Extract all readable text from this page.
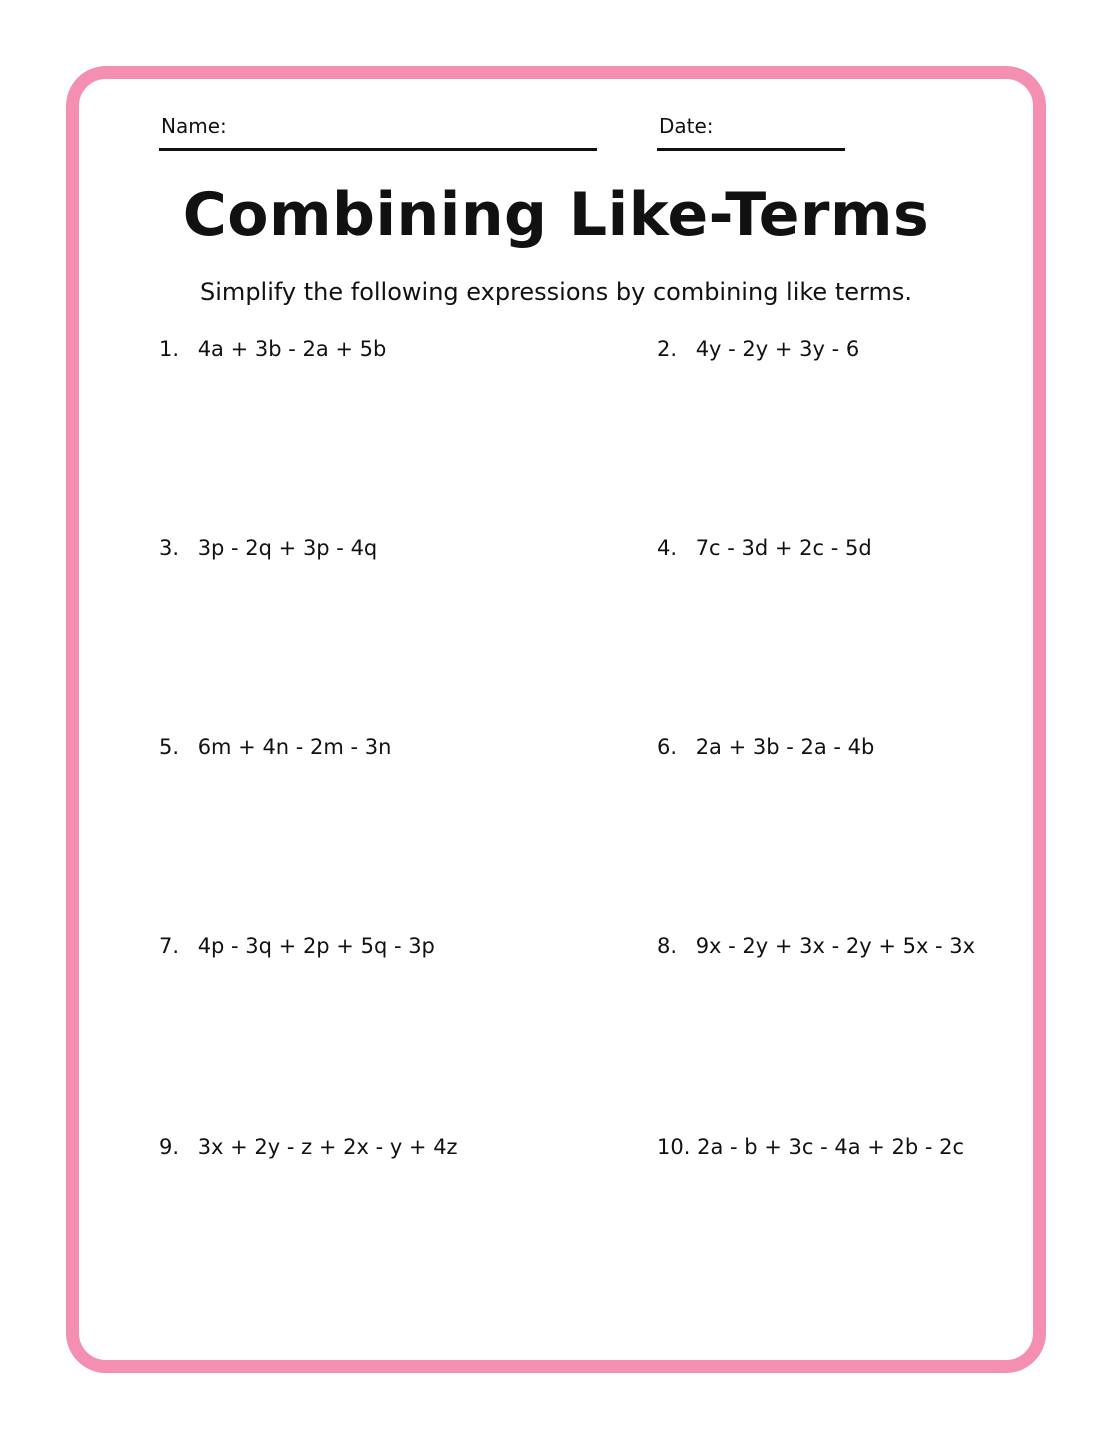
Name:	Date:
Combining Like-Terms
Simplify the following expressions by combining like terms.
1. 4a + 3b - 2a + 5b	2. 4y - 2y + 3y - 6
3. 3p - 2q + 3p - 4q	4. 7c - 3d + 2c - 5d
5. 6m + 4n - 2m - 3n	6. 2a + 3b - 2a - 4b
7. 4p - 3q + 2p + 5q - 3p	8. 9x - 2y + 3x - 2y + 5x - 3x
9. 3x + 2y - z + 2x - y + 4z	10. 2a - b + 3c - 4a + 2b - 2c
